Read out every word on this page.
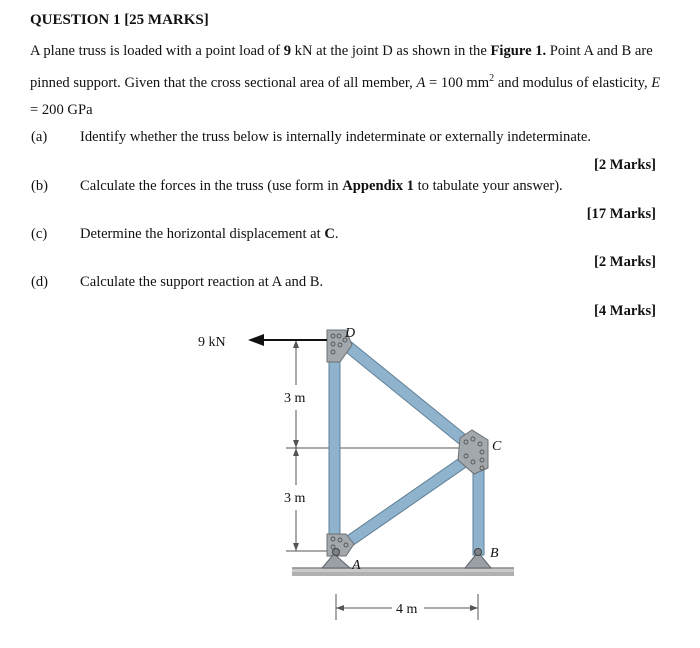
QUESTION 1 [25 MARKS]
A plane truss is loaded with a point load of 9 kN at the joint D as shown in the Figure 1. Point A and B are pinned support. Given that the cross sectional area of all member, A = 100 $mm^2$ and modulus of elasticity, E = 200 GPa
(a) Identify whether the truss below is internally indeterminate or externally indeterminate.
[2 Marks]
(b) Calculate the forces in the truss (use form in Appendix 1 to tabulate your answer).
[17 Marks]
(c) Determine the horizontal displacement at C.
[2 Marks]
(d) Calculate the support reaction at A and B.
[4 Marks]
9 kN
D
C
B
A
3 m
3 m
4 m
